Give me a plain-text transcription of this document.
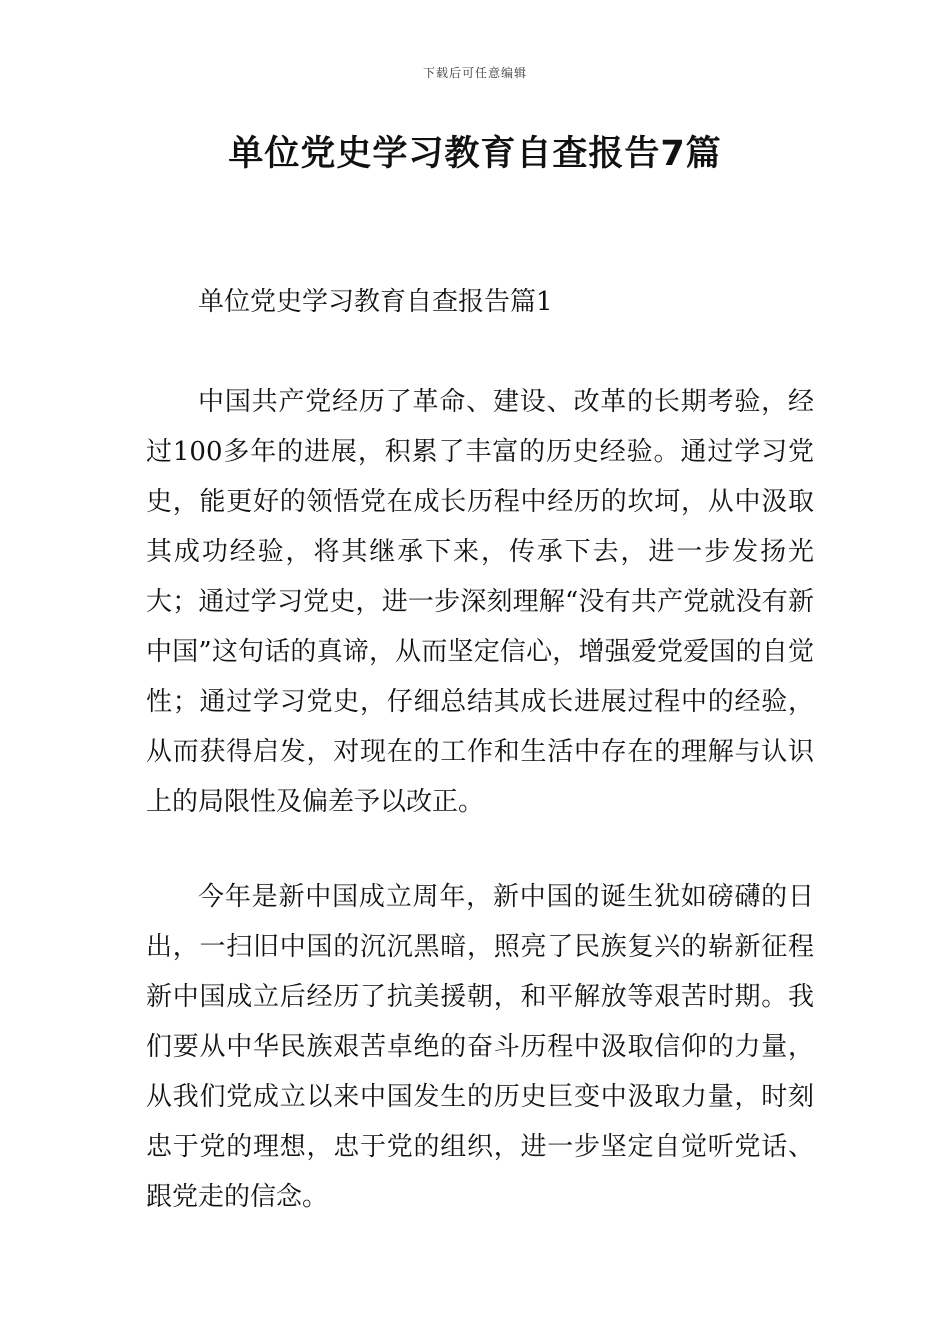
下载后可任意编辑
单位党史学习教育自查报告7篇

单位党史学习教育自查报告篇1

中国共产党经历了革命、建设、改革的长期考验，经过100多年的进展，积累了丰富的历史经验。通过学习党史，能更好的领悟党在成长历程中经历的坎坷，从中汲取其成功经验，将其继承下来，传承下去，进一步发扬光大；通过学习党史，进一步深刻理解“没有共产党就没有新中国”这句话的真谛，从而坚定信心，增强爱党爱国的自觉性；通过学习党史，仔细总结其成长进展过程中的经验，从而获得启发，对现在的工作和生活中存在的理解与认识上的局限性及偏差予以改正。

今年是新中国成立周年，新中国的诞生犹如磅礴的日出，一扫旧中国的沉沉黑暗，照亮了民族复兴的崭新征程新中国成立后经历了抗美援朝，和平解放等艰苦时期。我们要从中华民族艰苦卓绝的奋斗历程中汲取信仰的力量，从我们党成立以来中国发生的历史巨变中汲取力量，时刻忠于党的理想，忠于党的组织，进一步坚定自觉听党话、跟党走的信念。
